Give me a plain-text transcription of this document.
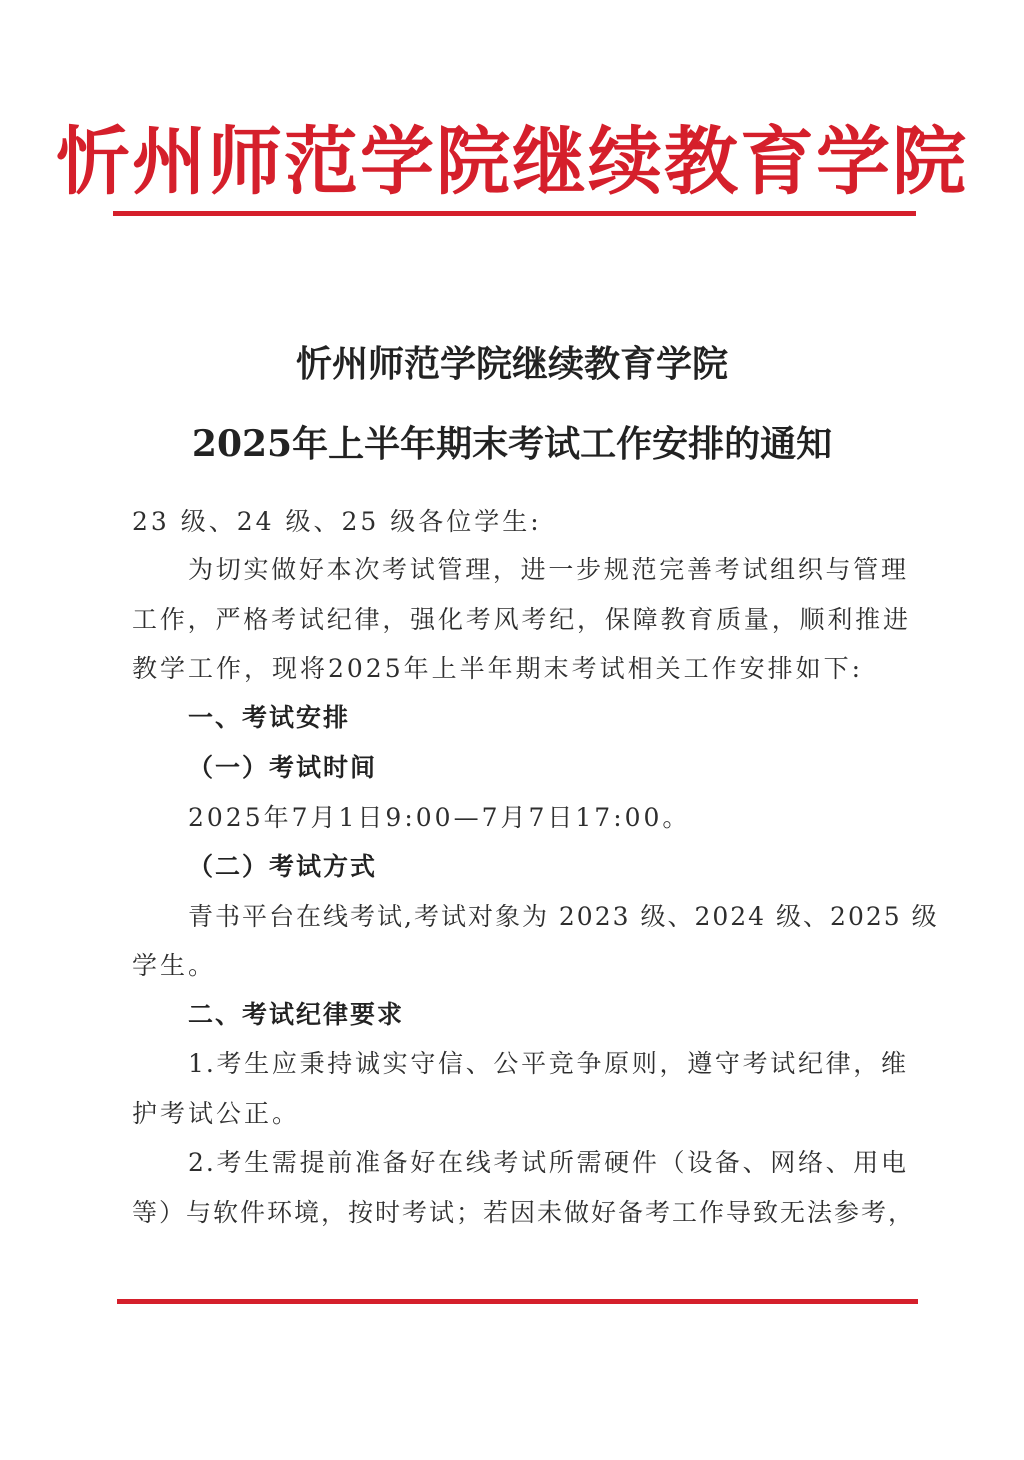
忻州师范学院继续教育学院
忻州师范学院继续教育学院
2025年上半年期末考试工作安排的通知
23 级、24 级、25 级各位学生:
为切实做好本次考试管理，进一步规范完善考试组织与管理
工作，严格考试纪律，强化考风考纪，保障教育质量，顺利推进
教学工作，现将2025年上半年期末考试相关工作安排如下:
一、考试安排
（一）考试时间
2025年7月1日9:00—7月7日17:00。
（二）考试方式
青书平台在线考试,考试对象为 2023 级、2024 级、2025 级
学生。
二、考试纪律要求
1.考生应秉持诚实守信、公平竞争原则，遵守考试纪律，维
护考试公正。
2.考生需提前准备好在线考试所需硬件（设备、网络、用电
等）与软件环境，按时考试；若因未做好备考工作导致无法参考，
